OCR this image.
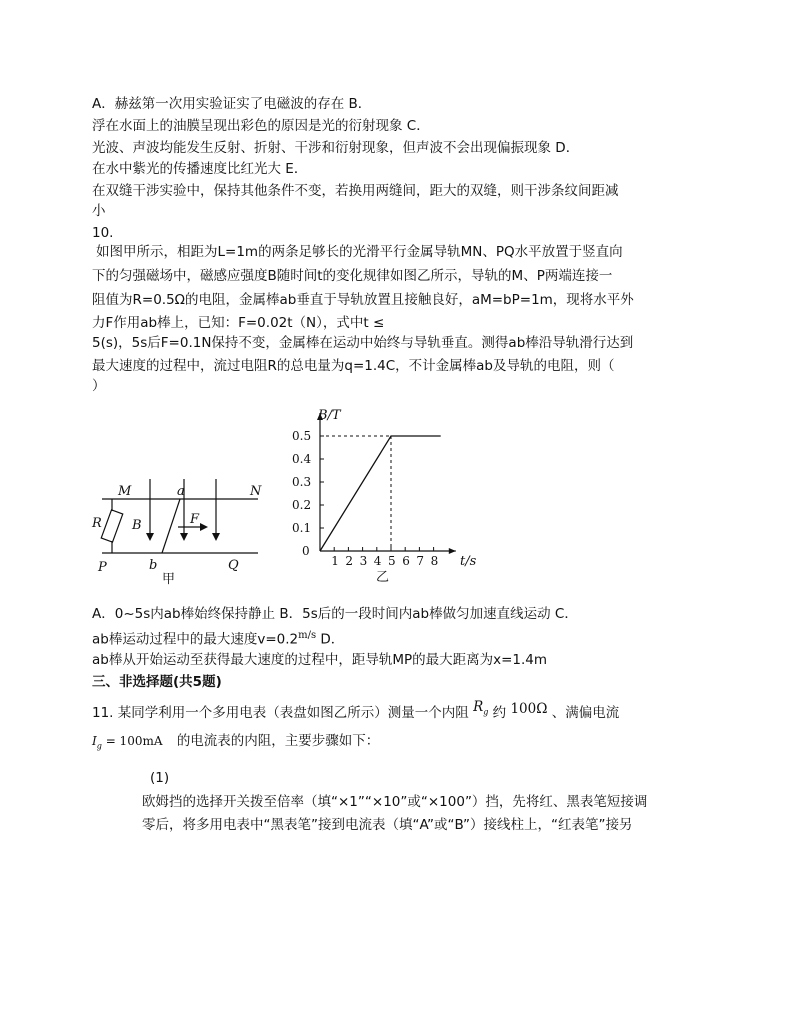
A．赫兹第一次用实验证实了电磁波的存在 B．
浮在水面上的油膜呈现出彩色的原因是光的衍射现象 C．
光波、声波均能发生反射、折射、干涉和衍射现象，但声波不会出现偏振现象 D．
在水中紫光的传播速度比红光大 E．
在双缝干涉实验中，保持其他条件不变，若换用两缝间，距大的双缝，则干涉条纹间距减
小
10.
如图甲所示，相距为L=1m的两条足够长的光滑平行金属导轨MN、PQ水平放置于竖直向
下的匀强磁场中，磁感应强度B随时间t的变化规律如图乙所示，导轨的M、P两端连接一
阻值为R=0.5Ω的电阻，金属棒ab垂直于导轨放置且接触良好，aM=bP=1m，现将水平外
力F作用ab棒上，已知：F=0.02t（N），式中t ≤
5(s)，5s后F=0.1N保持不变，金属棒在运动中始终与导轨垂直。测得ab棒沿导轨滑行达到
最大速度的过程中，流过电阻R的总电量为q=1.4C，不计金属棒ab及导轨的电阻，则（
）
M	N
P	Q
a
b
R B	F
甲
1 2 3 4 5 6 7 8
0.1
0.2
0.3
0.4
0.5
B/T
t/s
0
乙
A．0~5s内ab棒始终保持静止 B．5s后的一段时间内ab棒做匀加速直线运动 C．
ab棒运动过程中的最大速度$v=0.2^{m/s}$ D．
ab棒从开始运动至获得最大速度的过程中，距导轨MP的最大距离为x=1.4m
三、非选择题(共5题)
11. 某同学利用一个多用电表（表盘如图乙所示）测量一个内阻 $R_g$ 约 100Ω 、满偏电流
$I_g = 100mA$ 的电流表的内阻，主要步骤如下：
(1)
欧姆挡的选择开关拨至倍率（填“×1”“×10”或“×100”）挡，先将红、黑表笔短接调
零后，将多用电表中“黑表笔”接到电流表（填“A”或“B”）接线柱上，“红表笔”接另
